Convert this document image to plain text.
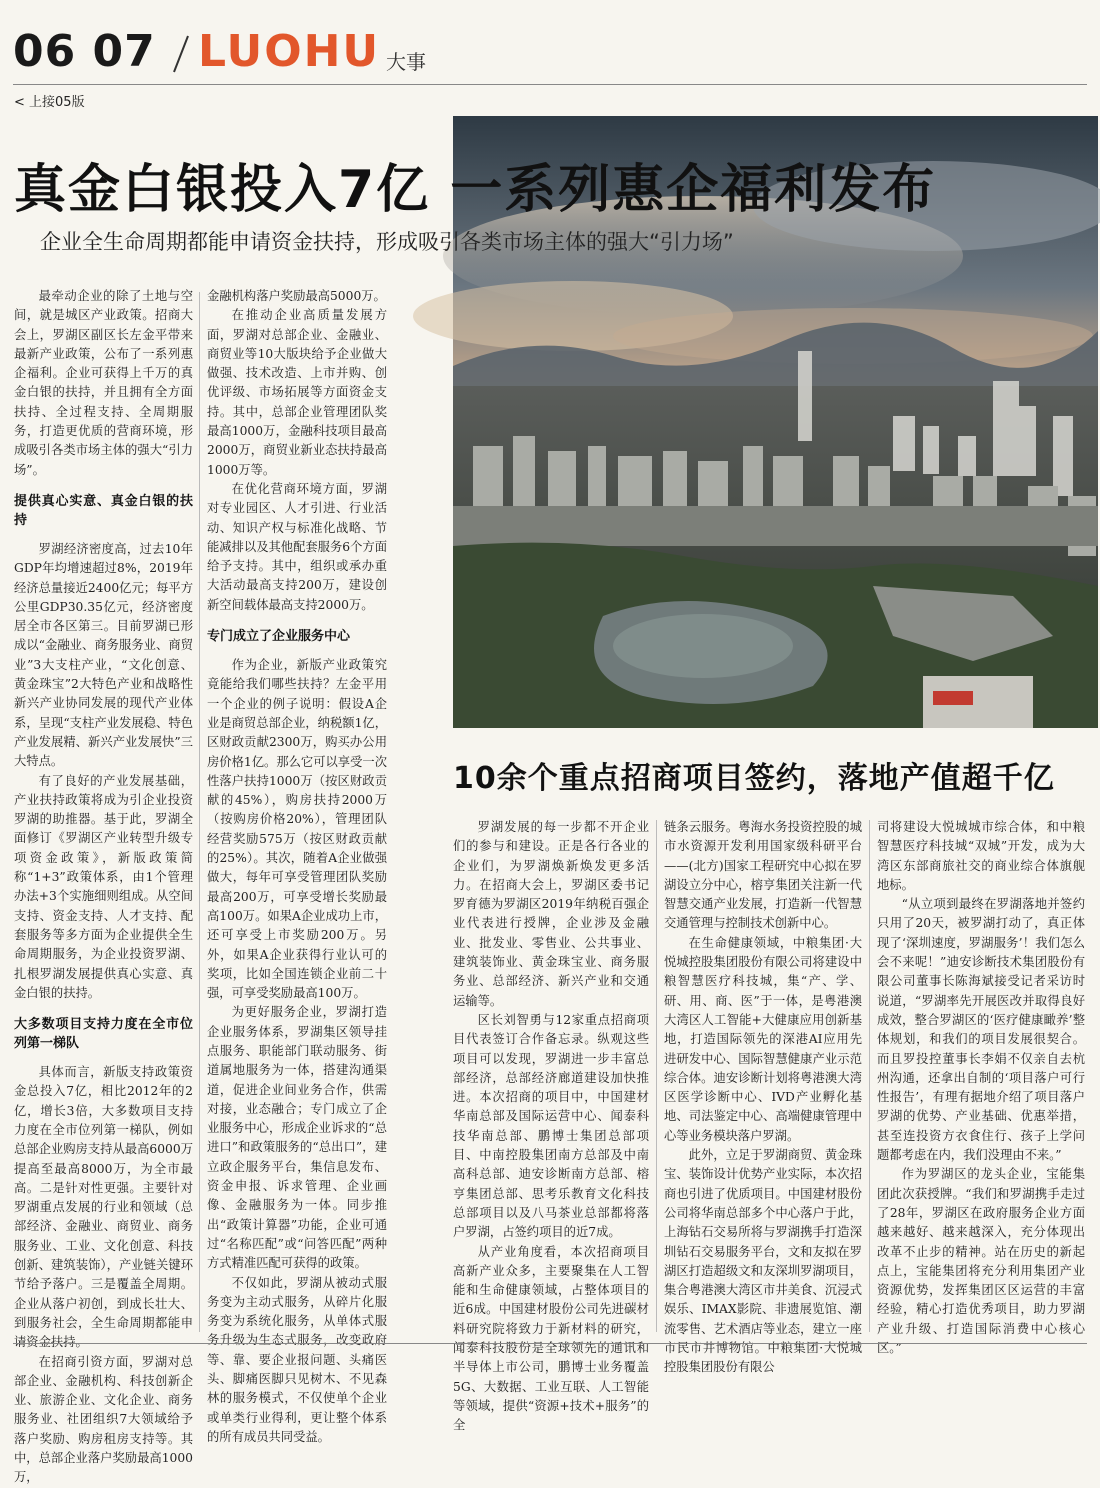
06 07 LUOHU 大事
< 上接05版
真金白银投入7亿 一系列惠企福利发布
企业全生命周期都能申请资金扶持，形成吸引各类市场主体的强大“引力场”

最牵动企业的除了土地与空间，就是城区产业政策。招商大会上，罗湖区副区长左金平带来最新产业政策，公布了一系列惠企福利。企业可获得上千万的真金白银的扶持，并且拥有全方面扶持、全过程支持、全周期服务，打造更优质的营商环境，形成吸引各类市场主体的强大“引力场”。

提供真心实意、真金白银的扶持

罗湖经济密度高，过去10年GDP年均增速超过8%，2019年经济总量接近2400亿元；每平方公里GDP30.35亿元，经济密度居全市各区第三。目前罗湖已形成以“金融业、商务服务业、商贸业”3大支柱产业，“文化创意、黄金珠宝”2大特色产业和战略性新兴产业协同发展的现代产业体系，呈现“支柱产业发展稳、特色产业发展精、新兴产业发展快”三大特点。

有了良好的产业发展基础，产业扶持政策将成为引企业投资罗湖的助推器。基于此，罗湖全面修订《罗湖区产业转型升级专项资金政策》，新版政策简称“1+3”政策体系，由1个管理办法+3个实施细则组成。从空间支持、资金支持、人才支持、配套服务等多方面为企业提供全生命周期服务，为企业投资罗湖、扎根罗湖发展提供真心实意、真金白银的扶持。

大多数项目支持力度在全市位列第一梯队

具体而言，新版支持政策资金总投入7亿，相比2012年的2亿，增长3倍，大多数项目支持力度在全市位列第一梯队，例如总部企业购房支持从最高6000万提高至最高8000万，为全市最高。二是针对性更强。主要针对罗湖重点发展的行业和领域（总部经济、金融业、商贸业、商务服务业、工业、文化创意、科技创新、建筑装饰），产业链关键环节给予落户。三是覆盖全周期。企业从落户初创，到成长壮大、到服务社会，全生命周期都能申请资金扶持。

在招商引资方面，罗湖对总部企业、金融机构、科技创新企业、旅游企业、文化企业、商务服务业、社团组织7大领域给予落户奖励、购房租房支持等。其中，总部企业落户奖励最高1000万，

金融机构落户奖励最高5000万。

在推动企业高质量发展方面，罗湖对总部企业、金融业、商贸业等10大版块给予企业做大做强、技术改造、上市并购、创优评级、市场拓展等方面资金支持。其中，总部企业管理团队奖最高1000万，金融科技项目最高2000万，商贸业新业态扶持最高1000万等。

在优化营商环境方面，罗湖对专业园区、人才引进、行业活动、知识产权与标准化战略、节能减排以及其他配套服务6个方面给予支持。其中，组织或承办重大活动最高支持200万，建设创新空间载体最高支持2000万。

专门成立了企业服务中心

作为企业，新版产业政策究竟能给我们哪些扶持？左金平用一个企业的例子说明：假设A企业是商贸总部企业，纳税额1亿，区财政贡献2300万，购买办公用房价格1亿。那么它可以享受一次性落户扶持1000万（按区财政贡献的45%），购房扶持2000万（按购房价格20%），管理团队经营奖励575万（按区财政贡献的25%）。其次，随着A企业做强做大，每年可享受管理团队奖励最高200万，可享受增长奖励最高100万。如果A企业成功上市，还可享受上市奖励200万。另外，如果A企业获得行业认可的奖项，比如全国连锁企业前二十强，可享受奖励最高100万。

为更好服务企业，罗湖打造企业服务体系，罗湖集区领导挂点服务、职能部门联动服务、街道属地服务为一体，搭建沟通渠道，促进企业间业务合作，供需对接，业态融合；专门成立了企业服务中心，形成企业诉求的“总进口”和政策服务的“总出口”，建立政企服务平台，集信息发布、资金申报、诉求管理、企业画像、金融服务为一体。同步推出“政策计算器”功能，企业可通过“名称匹配”或“问答匹配”两种方式精准匹配可获得的政策。

不仅如此，罗湖从被动式服务变为主动式服务，从碎片化服务变为系统化服务，从单体式服务升级为生态式服务，改变政府等、靠、要企业报问题、头痛医头、脚痛医脚只见树木、不见森林的服务模式，不仅使单个企业或单类行业得利，更让整个体系的所有成员共同受益。

10余个重点招商项目签约，落地产值超千亿

罗湖发展的每一步都不开企业们的参与和建设。正是各行各业的企业们，为罗湖焕新焕发更多活力。在招商大会上，罗湖区委书记罗育德为罗湖区2019年纳税百强企业代表进行授牌，企业涉及金融业、批发业、零售业、公共事业、建筑装饰业、黄金珠宝业、商务服务业、总部经济、新兴产业和交通运输等。

区长刘智勇与12家重点招商项目代表签订合作备忘录。纵观这些项目可以发现，罗湖进一步丰富总部经济，总部经济廊道建设加快推进。本次招商的项目中，中国建材华南总部及国际运营中心、闻泰科技华南总部、鹏博士集团总部项目、中南控股集团南方总部及中南高科总部、迪安诊断南方总部、榕亨集团总部、思考乐教育文化科技总部项目以及八马茶业总部都将落户罗湖，占签约项目的近7成。

从产业角度看，本次招商项目高新产业众多，主要聚集在人工智能和生命健康领域，占整体项目的近6成。中国建材股份公司先进碳材料研究院将致力于新材料的研究，闻泰科技股份是全球领先的通讯和半导体上市公司，鹏博士业务覆盖5G、大数据、工业互联、人工智能等领域，提供“资源+技术+服务”的全

链条云服务。粤海水务投资控股的城市水资源开发利用国家级科研平台——(北方)国家工程研究中心拟在罗湖设立分中心，榕亨集团关注新一代智慧交通产业发展，打造新一代智慧交通管理与控制技术创新中心。

在生命健康领域，中粮集团·大悦城控股集团股份有限公司将建设中粮智慧医疗科技城，集“产、学、研、用、商、医”于一体，是粤港澳大湾区人工智能+大健康应用创新基地，打造国际领先的深港AI应用先进研发中心、国际智慧健康产业示范综合体。迪安诊断计划将粤港澳大湾区医学诊断中心、IVD产业孵化基地、司法鉴定中心、高端健康管理中心等业务模块落户罗湖。

此外，立足于罗湖商贸、黄金珠宝、装饰设计优势产业实际，本次招商也引进了优质项目。中国建材股份公司将华南总部多个中心落户于此，上海钻石交易所将与罗湖携手打造深圳钻石交易服务平台，文和友拟在罗湖区打造超级文和友深圳罗湖项目，集合粤港澳大湾区市井美食、沉浸式娱乐、IMAX影院、非遗展览馆、潮流零售、艺术酒店等业态，建立一座市民市井博物馆。中粮集团·大悦城控股集团股份有限公

司将建设大悦城城市综合体，和中粮智慧医疗科技城“双城”开发，成为大湾区东部商旅社交的商业综合体旗舰地标。

“从立项到最终在罗湖落地并签约只用了20天，被罗湖打动了，真正体现了‘深圳速度，罗湖服务’！我们怎么会不来呢！”迪安诊断技术集团股份有限公司董事长陈海斌接受记者采访时说道，“罗湖率先开展医改并取得良好成效，整合罗湖区的‘医疗健康瞰养’整体规划，和我们的项目发展很契合。而且罗投控董事长李娟不仅亲自去杭州沟通，还拿出自制的‘项目落户可行性报告’，有理有据地介绍了项目落户罗湖的优势、产业基础、优惠举措，甚至连投资方衣食住行、孩子上学问题都考虑在内，我们没理由不来。”

作为罗湖区的龙头企业，宝能集团此次获授牌。“我们和罗湖携手走过了28年，罗湖区在政府服务企业方面越来越好、越来越深入，充分体现出改革不止步的精神。站在历史的新起点上，宝能集团将充分利用集团产业资源优势，发挥集团区区运营的丰富经验，精心打造优秀项目，助力罗湖产业升级、打造国际消费中心核心区。”
